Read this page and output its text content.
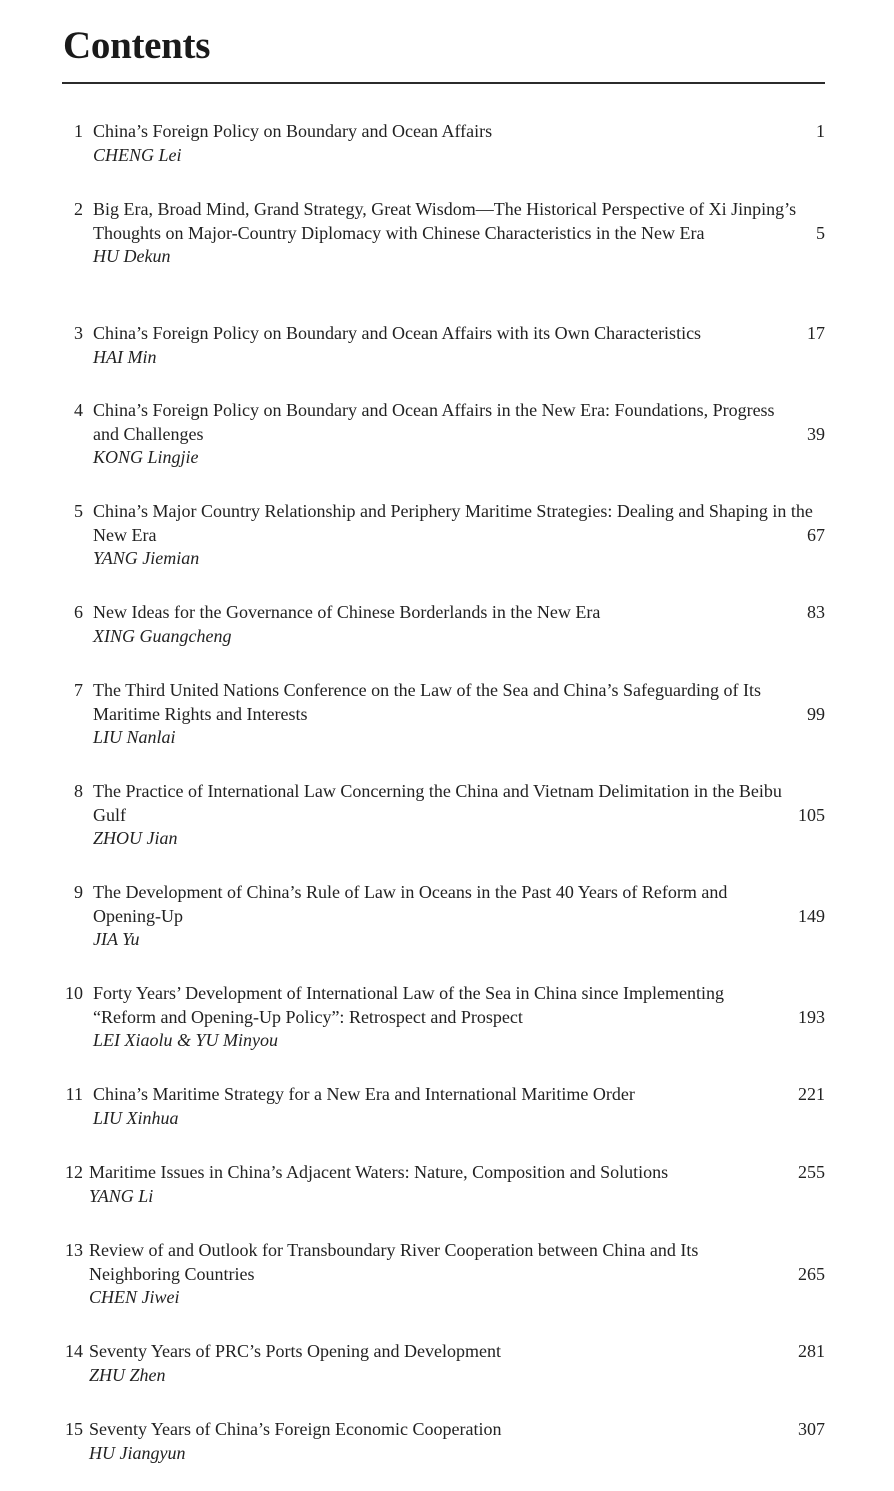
Contents
1 China’s Foreign Policy on Boundary and Ocean Affairs
CHENG Lei
1
2 Big Era, Broad Mind, Grand Strategy, Great Wisdom—The Historical Perspective of Xi Jinping’s Thoughts on Major-Country Diplomacy with Chinese Characteristics in the New Era
HU Dekun
5
3 China’s Foreign Policy on Boundary and Ocean Affairs with its Own Characteristics
HAI Min
17
4 China’s Foreign Policy on Boundary and Ocean Affairs in the New Era: Foundations, Progress and Challenges
KONG Lingjie
39
5 China’s Major Country Relationship and Periphery Maritime Strategies: Dealing and Shaping in the New Era
YANG Jiemian
67
6 New Ideas for the Governance of Chinese Borderlands in the New Era
XING Guangcheng
83
7 The Third United Nations Conference on the Law of the Sea and China’s Safeguarding of Its Maritime Rights and Interests
LIU Nanlai
99
8 The Practice of International Law Concerning the China and Vietnam Delimitation in the Beibu Gulf
ZHOU Jian
105
9 The Development of China’s Rule of Law in Oceans in the Past 40 Years of Reform and Opening-Up
JIA Yu
149
10 Forty Years’ Development of International Law of the Sea in China since Implementing “Reform and Opening-Up Policy”: Retrospect and Prospect
LEI Xiaolu & YU Minyou
193
11 China’s Maritime Strategy for a New Era and International Maritime Order
LIU Xinhua
221
12 Maritime Issues in China’s Adjacent Waters: Nature, Composition and Solutions
YANG Li
255
13 Review of and Outlook for Transboundary River Cooperation between China and Its Neighboring Countries
CHEN Jiwei
265
14 Seventy Years of PRC’s Ports Opening and Development
ZHU Zhen
281
15 Seventy Years of China’s Foreign Economic Cooperation
HU Jiangyun
307
